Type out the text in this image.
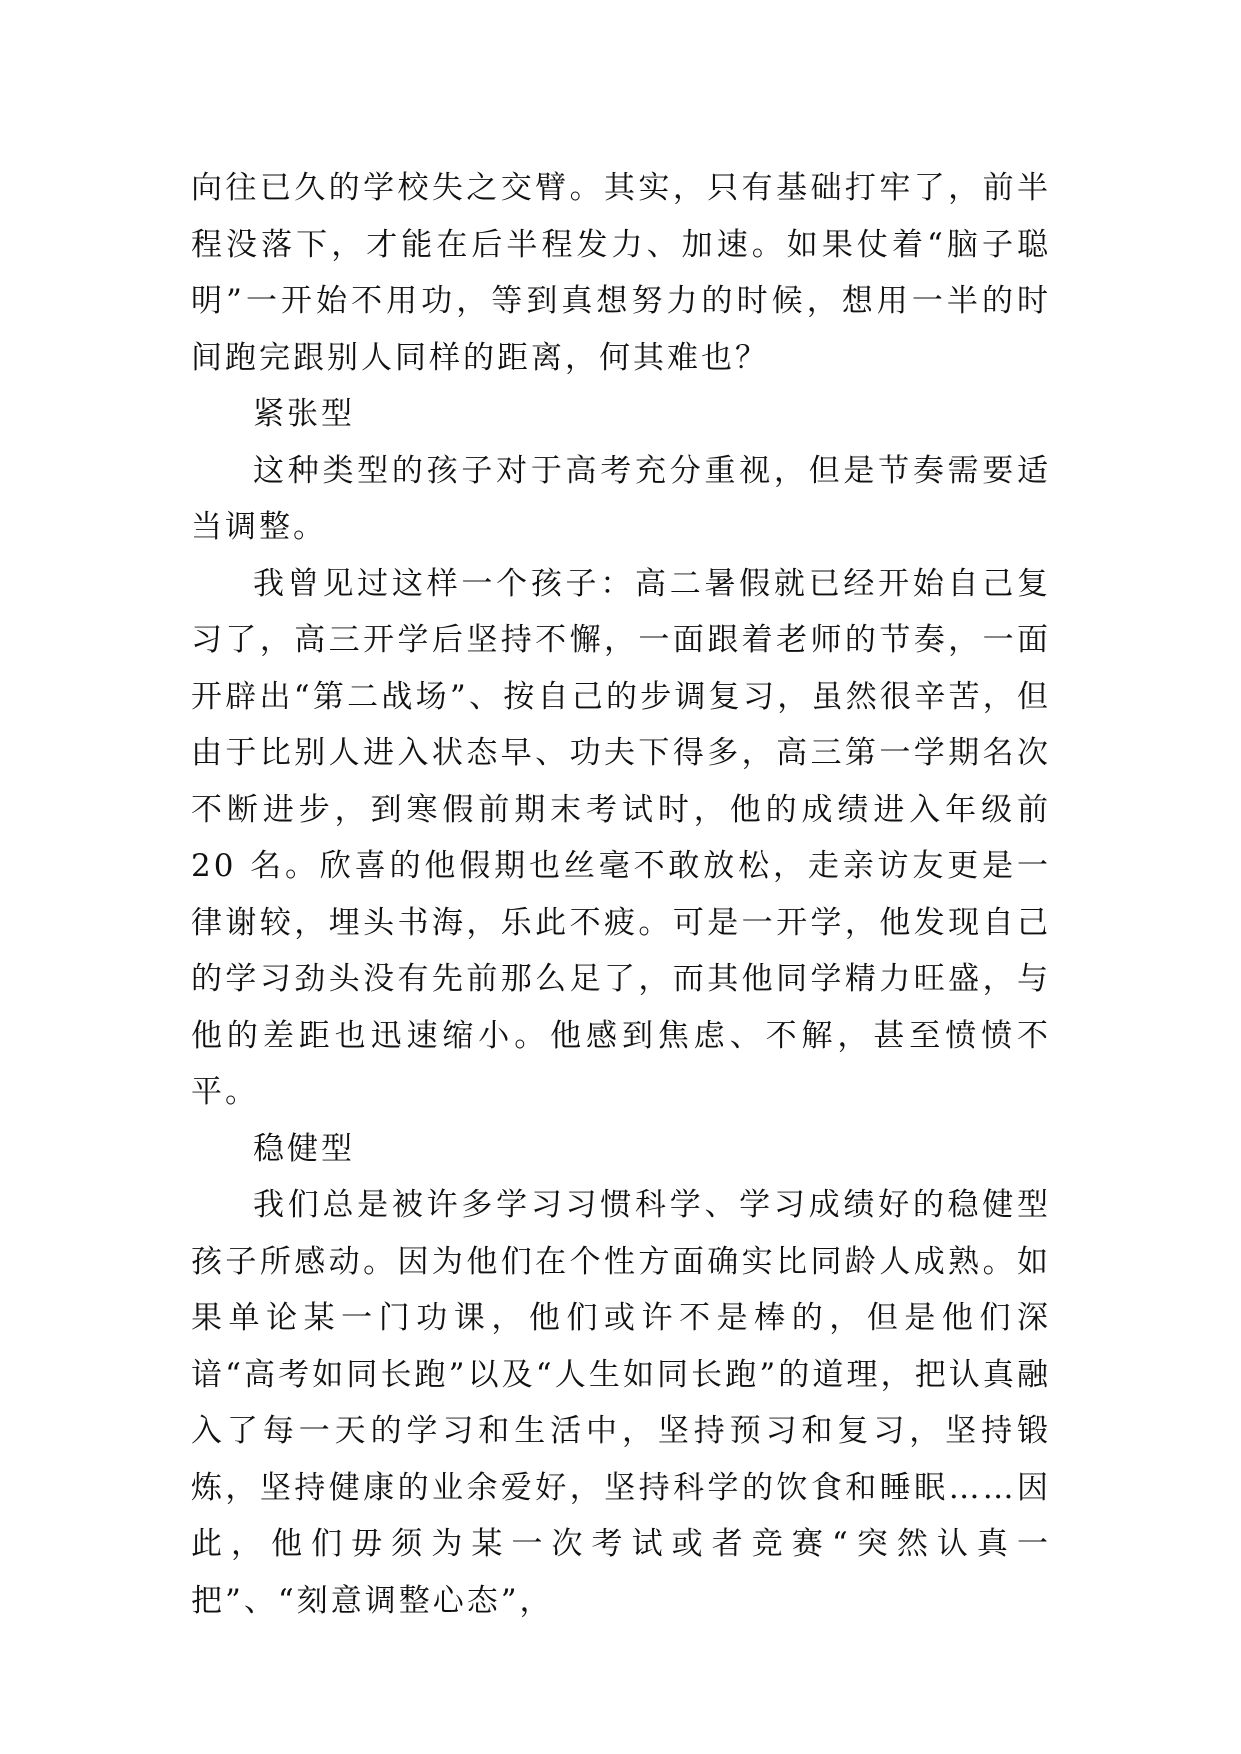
向往已久的学校失之交臂。其实，只有基础打牢了，前半程没落下，才能在后半程发力、加速。如果仗着“脑子聪明”一开始不用功，等到真想努力的时候，想用一半的时间跑完跟别人同样的距离，何其难也？

紧张型

这种类型的孩子对于高考充分重视，但是节奏需要适当调整。

我曾见过这样一个孩子：高二暑假就已经开始自己复习了，高三开学后坚持不懈，一面跟着老师的节奏，一面开辟出“第二战场”、按自己的步调复习，虽然很辛苦，但由于比别人进入状态早、功夫下得多，高三第一学期名次不断进步，到寒假前期末考试时，他的成绩进入年级前 20 名。欣喜的他假期也丝毫不敢放松，走亲访友更是一律谢较，埋头书海，乐此不疲。可是一开学，他发现自己的学习劲头没有先前那么足了，而其他同学精力旺盛，与他的差距也迅速缩小。他感到焦虑、不解，甚至愤愤不平。

稳健型

我们总是被许多学习习惯科学、学习成绩好的稳健型孩子所感动。因为他们在个性方面确实比同龄人成熟。如果单论某一门功课，他们或许不是棒的，但是他们深谙“高考如同长跑”以及“人生如同长跑”的道理，把认真融入了每一天的学习和生活中，坚持预习和复习，坚持锻炼，坚持健康的业余爱好，坚持科学的饮食和睡眠……因此，他们毋须为某一次考试或者竞赛“突然认真一把”、“刻意调整心态”，
